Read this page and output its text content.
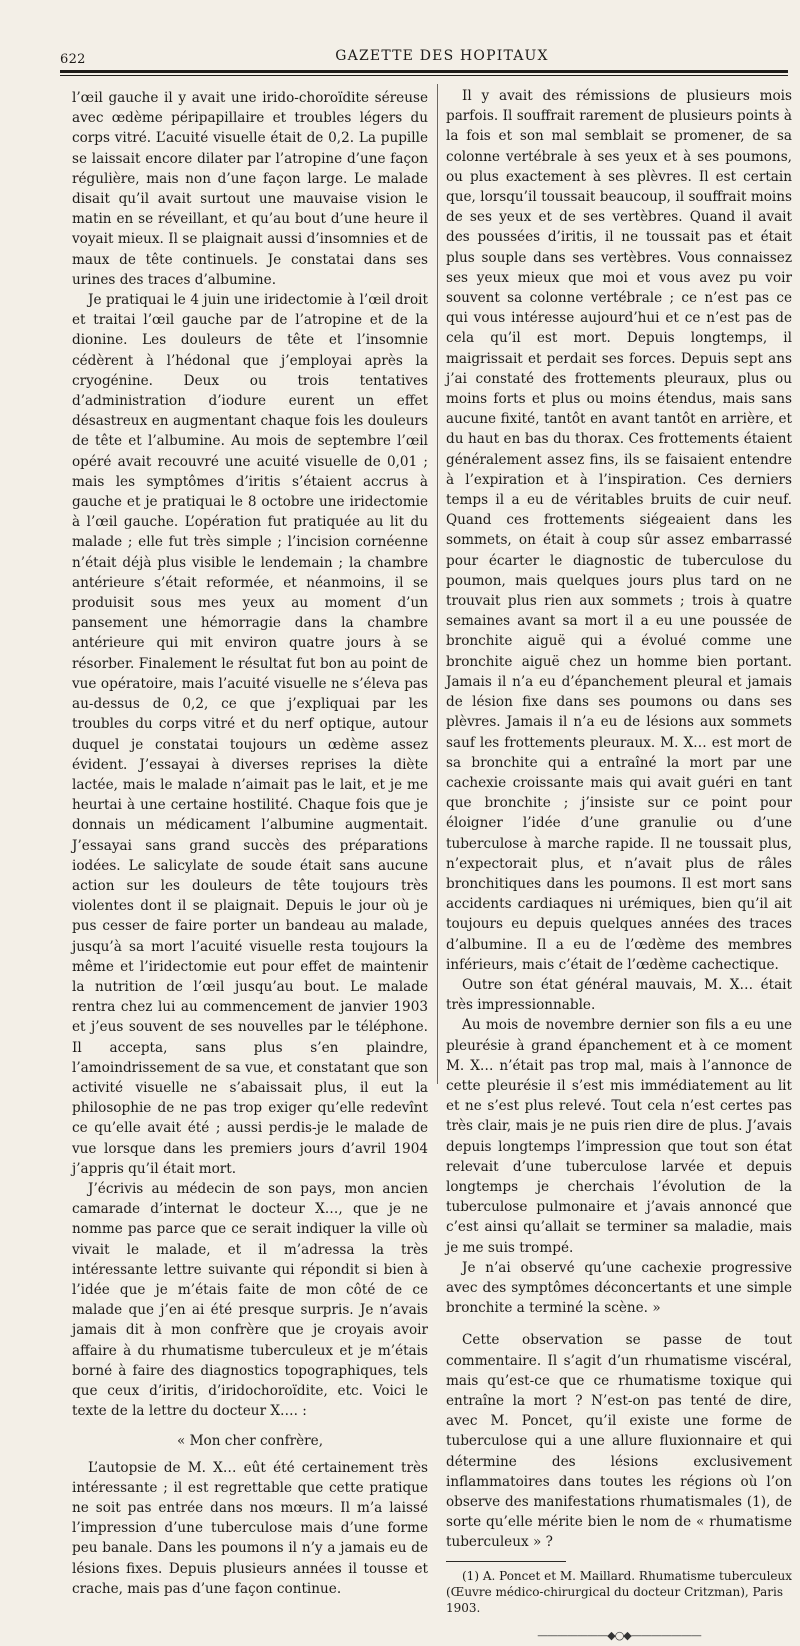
622	GAZETTE DES HOPITAUX

l’œil gauche il y avait une irido-choroïdite séreuse avec œdème péripapillaire et troubles légers du corps vitré. L’acuité visuelle était de 0,2. La pupille se laissait encore dilater par l’atropine d’une façon régulière, mais non d’une façon large. Le malade disait qu’il avait surtout une mauvaise vision le matin en se réveillant, et qu’au bout d’une heure il voyait mieux. Il se plaignait aussi d’insomnies et de maux de tête continuels. Je constatai dans ses urines des traces d’albumine.

Je pratiquai le 4 juin une iridectomie à l’œil droit et traitai l’œil gauche par de l’atropine et de la dionine. Les douleurs de tête et l’insomnie cédèrent à l’hédonal que j’employai après la cryogénine. Deux ou trois tentatives d’administration d’iodure eurent un effet désastreux en augmentant chaque fois les douleurs de tête et l’albumine. Au mois de septembre l’œil opéré avait recouvré une acuité visuelle de 0,01 ; mais les symptômes d’iritis s’étaient accrus à gauche et je pratiquai le 8 octobre une iridectomie à l’œil gauche. L’opération fut pratiquée au lit du malade ; elle fut très simple ; l’incision cornéenne n’était déjà plus visible le lendemain ; la chambre antérieure s’était reformée, et néanmoins, il se produisit sous mes yeux au moment d’un pansement une hémorragie dans la chambre antérieure qui mit environ quatre jours à se résorber. Finalement le résultat fut bon au point de vue opératoire, mais l’acuité visuelle ne s’éleva pas au-dessus de 0,2, ce que j’expliquai par les troubles du corps vitré et du nerf optique, autour duquel je constatai toujours un œdème assez évident. J’essayai à diverses reprises la diète lactée, mais le malade n’aimait pas le lait, et je me heurtai à une certaine hostilité. Chaque fois que je donnais un médicament l’albumine augmentait. J’essayai sans grand succès des préparations iodées. Le salicylate de soude était sans aucune action sur les douleurs de tête toujours très violentes dont il se plaignait. Depuis le jour où je pus cesser de faire porter un bandeau au malade, jusqu’à sa mort l’acuité visuelle resta toujours la même et l’iridectomie eut pour effet de maintenir la nutrition de l’œil jusqu’au bout. Le malade rentra chez lui au commencement de janvier 1903 et j’eus souvent de ses nouvelles par le téléphone. Il accepta, sans plus s’en plaindre, l’amoindrissement de sa vue, et constatant que son activité visuelle ne s’abaissait plus, il eut la philosophie de ne pas trop exiger qu’elle redevînt ce qu’elle avait été ; aussi perdis-je le malade de vue lorsque dans les premiers jours d’avril 1904 j’appris qu’il était mort.

J’écrivis au médecin de son pays, mon ancien camarade d’internat le docteur X…, que je ne nomme pas parce que ce serait indiquer la ville où vivait le malade, et il m’adressa la très intéressante lettre suivante qui répondit si bien à l’idée que je m’étais faite de mon côté de ce malade que j’en ai été presque surpris. Je n’avais jamais dit à mon confrère que je croyais avoir affaire à du rhumatisme tuberculeux et je m’étais borné à faire des diagnostics topographiques, tels que ceux d’iritis, d’iridochoroïdite, etc. Voici le texte de la lettre du docteur X…. :

« Mon cher confrère,

L’autopsie de M. X… eût été certainement très intéressante ; il est regrettable que cette pratique ne soit pas entrée dans nos mœurs. Il m’a laissé l’impression d’une tuberculose mais d’une forme peu banale. Dans les poumons il n’y a jamais eu de lésions fixes. Depuis plusieurs années il tousse et crache, mais pas d’une façon continue.

Il y avait des rémissions de plusieurs mois parfois. Il souffrait rarement de plusieurs points à la fois et son mal semblait se promener, de sa colonne vertébrale à ses yeux et à ses poumons, ou plus exactement à ses plèvres. Il est certain que, lorsqu’il toussait beaucoup, il souffrait moins de ses yeux et de ses vertèbres. Quand il avait des poussées d’iritis, il ne toussait pas et était plus souple dans ses vertèbres. Vous connaissez ses yeux mieux que moi et vous avez pu voir souvent sa colonne vertébrale ; ce n’est pas ce qui vous intéresse aujourd’hui et ce n’est pas de cela qu’il est mort. Depuis longtemps, il maigrissait et perdait ses forces. Depuis sept ans j’ai constaté des frottements pleuraux, plus ou moins forts et plus ou moins étendus, mais sans aucune fixité, tantôt en avant tantôt en arrière, et du haut en bas du thorax. Ces frottements étaient généralement assez fins, ils se faisaient entendre à l’expiration et à l’inspiration. Ces derniers temps il a eu de véritables bruits de cuir neuf. Quand ces frottements siégeaient dans les sommets, on était à coup sûr assez embarrassé pour écarter le diagnostic de tuberculose du poumon, mais quelques jours plus tard on ne trouvait plus rien aux sommets ; trois à quatre semaines avant sa mort il a eu une poussée de bronchite aiguë qui a évolué comme une bronchite aiguë chez un homme bien portant. Jamais il n’a eu d’épanchement pleural et jamais de lésion fixe dans ses poumons ou dans ses plèvres. Jamais il n’a eu de lésions aux sommets sauf les frottements pleuraux. M. X… est mort de sa bronchite qui a entraîné la mort par une cachexie croissante mais qui avait guéri en tant que bronchite ; j’insiste sur ce point pour éloigner l’idée d’une granulie ou d’une tuberculose à marche rapide. Il ne toussait plus, n’expectorait plus, et n’avait plus de râles bronchitiques dans les poumons. Il est mort sans accidents cardiaques ni urémiques, bien qu’il ait toujours eu depuis quelques années des traces d’albumine. Il a eu de l’œdème des membres inférieurs, mais c’était de l’œdème cachectique.

Outre son état général mauvais, M. X… était très impressionnable.

Au mois de novembre dernier son fils a eu une pleurésie à grand épanchement et à ce moment M. X… n’était pas trop mal, mais à l’annonce de cette pleurésie il s’est mis immédiatement au lit et ne s’est plus relevé. Tout cela n’est certes pas très clair, mais je ne puis rien dire de plus. J’avais depuis longtemps l’impression que tout son état relevait d’une tuberculose larvée et depuis longtemps je cherchais l’évolution de la tuberculose pulmonaire et j’avais annoncé que c’est ainsi qu’allait se terminer sa maladie, mais je me suis trompé.

Je n’ai observé qu’une cachexie progressive avec des symptômes déconcertants et une simple bronchite a terminé la scène. »

Cette observation se passe de tout commentaire. Il s’agit d’un rhumatisme viscéral, mais qu’est-ce que ce rhumatisme toxique qui entraîne la mort ? N’est-on pas tenté de dire, avec M. Poncet, qu’il existe une forme de tuberculose qui a une allure fluxionnaire et qui détermine des lésions exclusivement inflammatoires dans toutes les régions où l’on observe des manifestations rhumatismales (1), de sorte qu’elle mérite bien le nom de « rhumatisme tuberculeux » ?

(1) A. Poncet et M. Maillard. Rhumatisme tuberculeux (Œuvre médico-chirurgical du docteur Critzman), Paris 1903.

———————◆○◆———————
